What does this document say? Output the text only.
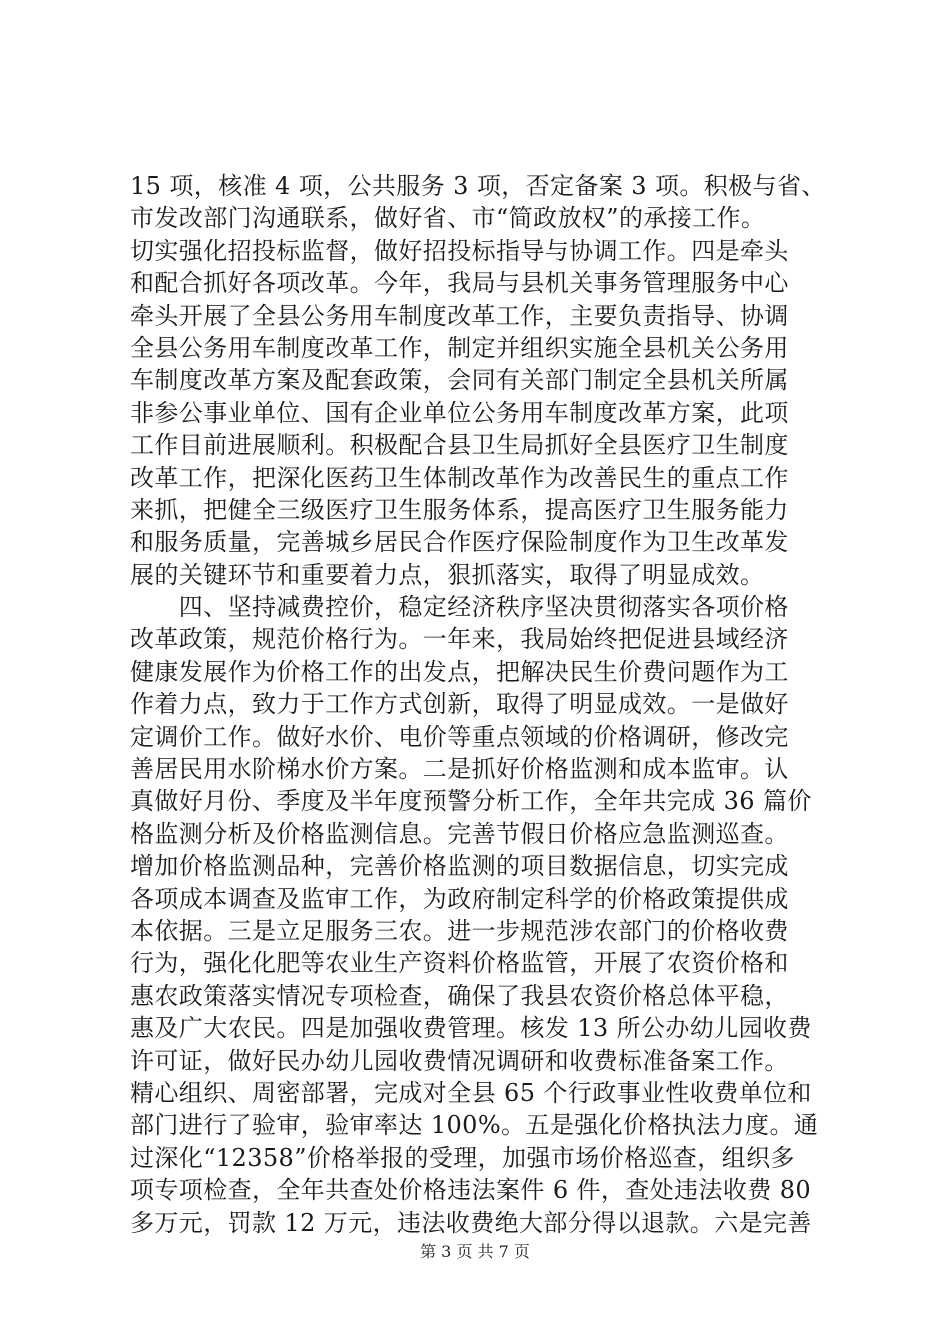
15 项，核准 4 项，公共服务 3 项，否定备案 3 项。积极与省、
市发改部门沟通联系，做好省、市“简政放权”的承接工作。
切实强化招投标监督，做好招投标指导与协调工作。四是牵头
和配合抓好各项改革。今年，我局与县机关事务管理服务中心
牵头开展了全县公务用车制度改革工作，主要负责指导、协调
全县公务用车制度改革工作，制定并组织实施全县机关公务用
车制度改革方案及配套政策，会同有关部门制定全县机关所属
非参公事业单位、国有企业单位公务用车制度改革方案，此项
工作目前进展顺利。积极配合县卫生局抓好全县医疗卫生制度
改革工作，把深化医药卫生体制改革作为改善民生的重点工作
来抓，把健全三级医疗卫生服务体系，提高医疗卫生服务能力
和服务质量，完善城乡居民合作医疗保险制度作为卫生改革发
展的关键环节和重要着力点，狠抓落实，取得了明显成效。
　　四、坚持减费控价，稳定经济秩序坚决贯彻落实各项价格
改革政策，规范价格行为。一年来，我局始终把促进县域经济
健康发展作为价格工作的出发点，把解决民生价费问题作为工
作着力点，致力于工作方式创新，取得了明显成效。一是做好
定调价工作。做好水价、电价等重点领域的价格调研，修改完
善居民用水阶梯水价方案。二是抓好价格监测和成本监审。认
真做好月份、季度及半年度预警分析工作，全年共完成 36 篇价
格监测分析及价格监测信息。完善节假日价格应急监测巡查。
增加价格监测品种，完善价格监测的项目数据信息，切实完成
各项成本调查及监审工作，为政府制定科学的价格政策提供成
本依据。三是立足服务三农。进一步规范涉农部门的价格收费
行为，强化化肥等农业生产资料价格监管，开展了农资价格和
惠农政策落实情况专项检查，确保了我县农资价格总体平稳，
惠及广大农民。四是加强收费管理。核发 13 所公办幼儿园收费
许可证，做好民办幼儿园收费情况调研和收费标准备案工作。
精心组织、周密部署，完成对全县 65 个行政事业性收费单位和
部门进行了验审，验审率达 100%。五是强化价格执法力度。通
过深化“12358”价格举报的受理，加强市场价格巡查，组织多
项专项检查，全年共查处价格违法案件 6 件，查处违法收费 80
多万元，罚款 12 万元，违法收费绝大部分得以退款。六是完善
第 3 页 共 7 页
